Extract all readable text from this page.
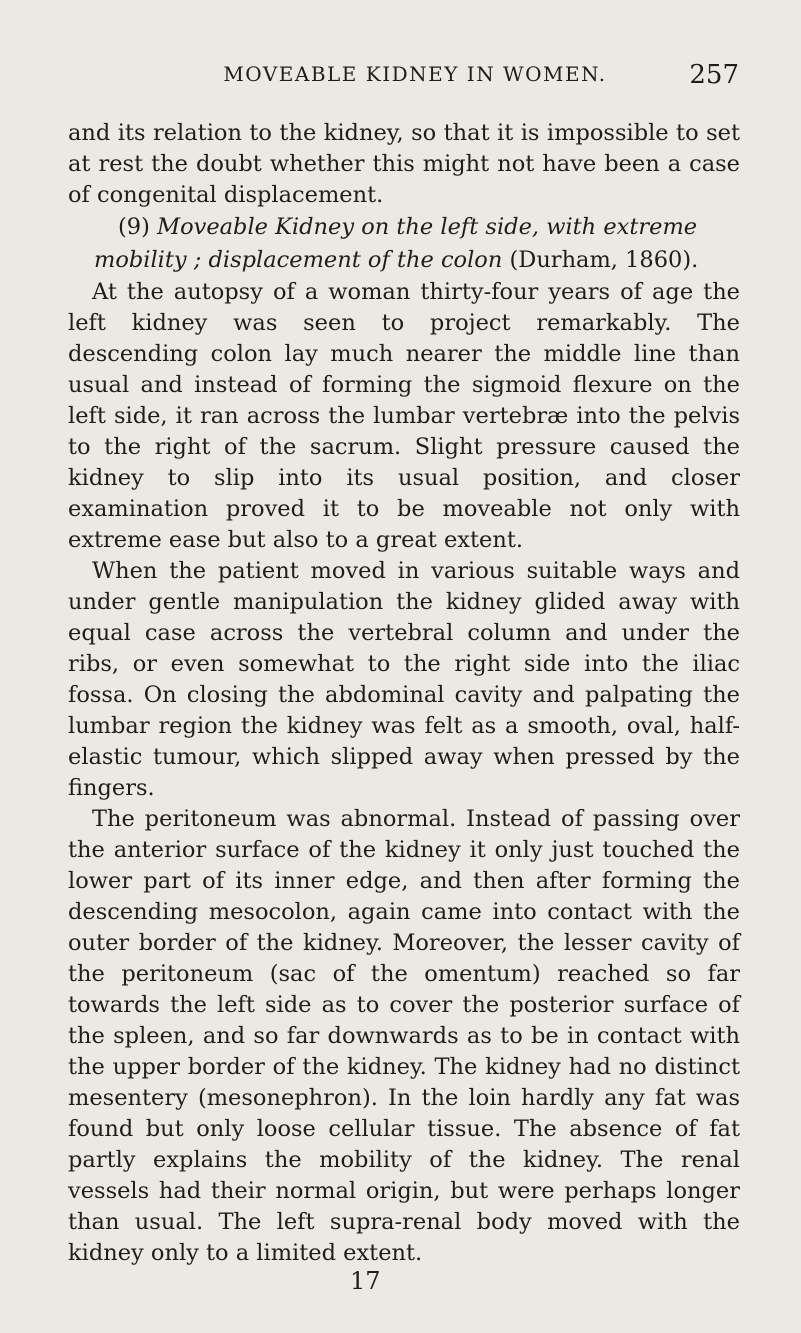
MOVEABLE KIDNEY IN WOMEN.	257

and its relation to the kidney, so that it is impossible to set at rest the doubt whether this might not have been a case of congenital displacement.

(9) Moveable Kidney on the left side, with extreme mobility ; displacement of the colon (Durham, 1860).

At the autopsy of a woman thirty-four years of age the left kidney was seen to project remarkably. The descending colon lay much nearer the middle line than usual and instead of forming the sigmoid flexure on the left side, it ran across the lumbar vertebræ into the pelvis to the right of the sacrum. Slight pressure caused the kidney to slip into its usual position, and closer examination proved it to be moveable not only with extreme ease but also to a great extent.

When the patient moved in various suitable ways and under gentle manipulation the kidney glided away with equal case across the vertebral column and under the ribs, or even somewhat to the right side into the iliac fossa. On closing the abdominal cavity and palpating the lumbar region the kidney was felt as a smooth, oval, half-elastic tumour, which slipped away when pressed by the fingers.

The peritoneum was abnormal. Instead of passing over the anterior surface of the kidney it only just touched the lower part of its inner edge, and then after forming the descending mesocolon, again came into contact with the outer border of the kidney. Moreover, the lesser cavity of the peritoneum (sac of the omentum) reached so far towards the left side as to cover the posterior surface of the spleen, and so far downwards as to be in contact with the upper border of the kidney. The kidney had no distinct mesentery (mesonephron). In the loin hardly any fat was found but only loose cellular tissue. The absence of fat partly explains the mobility of the kidney. The renal vessels had their normal origin, but were perhaps longer than usual. The left supra-renal body moved with the kidney only to a limited extent.

17
